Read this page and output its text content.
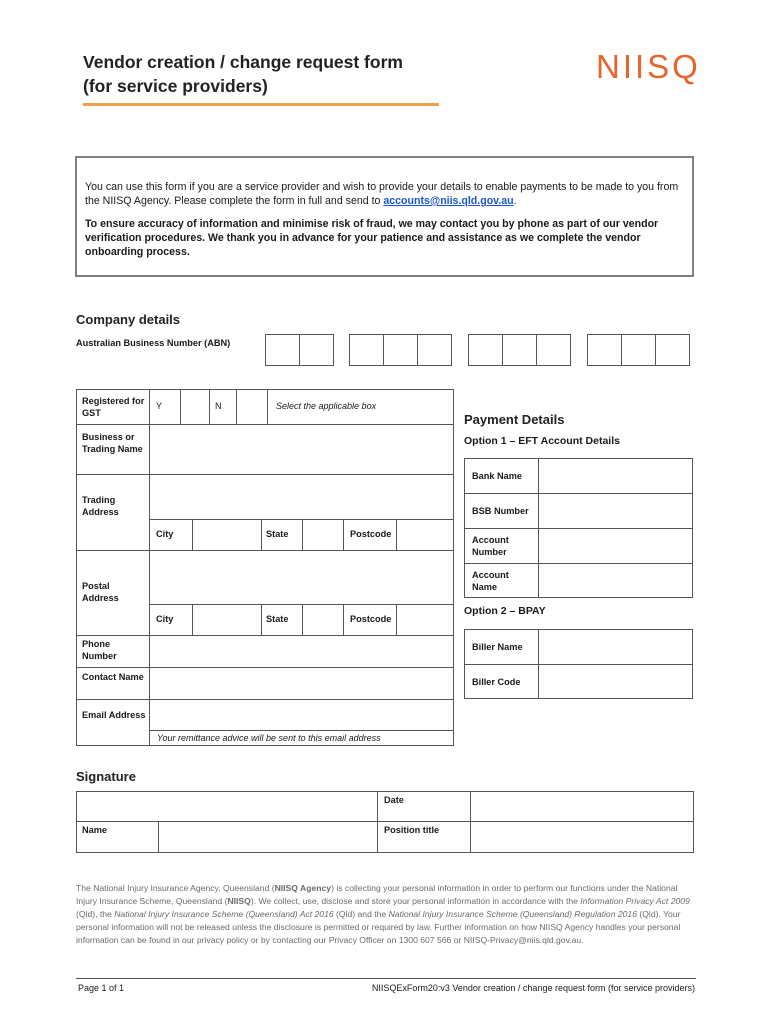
Vendor creation / change request form
(for service providers)
NIISQ

You can use this form if you are a service provider and wish to provide your details to enable payments to be made to you from the NIISQ Agency. Please complete the form in full and send to accounts@niis.qld.gov.au.

To ensure accuracy of information and minimise risk of fraud, we may contact you by phone as part of our vendor verification procedures. We thank you in advance for your patience and assistance as we complete the vendor onboarding process.

Company details
Australian Business Number (ABN)
Registered for GST
Y	N	Select the applicable box
Business or Trading Name
Trading Address
City	State	Postcode
Postal Address
City	State	Postcode
Phone Number
Contact Name
Email Address
Your remittance advice will be sent to this email address
Payment Details
Option 1 – EFT Account Details
Bank Name
BSB Number
Account Number
Account Name
Option 2 – BPAY
Biller Name
Biller Code
Signature
Date
Name	Position title
The National Injury Insurance Agency, Queensland (NIISQ Agency) is collecting your personal information in order to perform our functions under the National Injury Insurance Scheme, Queensland (NIISQ). We collect, use, disclose and store your personal information in accordance with the Information Privacy Act 2009 (Qld), the National Injury Insurance Scheme (Queensland) Act 2016 (Qld) and the National Injury Insurance Scheme (Queensland) Regulation 2016 (Qld). Your personal information will not be released unless the disclosure is permitted or required by law. Further information on how NIISQ Agency handles your personal information can be found in our privacy policy or by contacting our Privacy Officer on 1300 607 566 or NIISQ-Privacy@niis.qld.gov.au.
Page 1 of 1	NIISQExForm20:v3 Vendor creation / change request form (for service providers)
